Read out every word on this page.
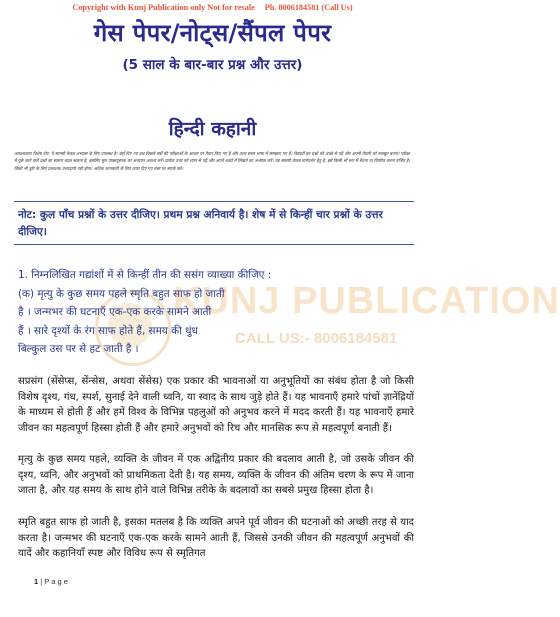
Copyright with Kunj Publication only Not for resale Ph. 8006184581 (Call Us)
गेस पेपर/नोट्स/सैंपल पेपर
(5 साल के बार-बार प्रश्न और उत्तर)
हिन्दी कहानी
आवश्यकता विशेष नोट: ये सामग्री केवल अभ्यास के लिए उपलब्ध है। यहाँ दिए गए प्रश्न पिछले वर्षों की परीक्षाओं के आधार पर तैयार किए गए हैं और उत्तर सरल भाषा में समझाए गए हैं। विद्यार्थी इन प्रश्नों को अच्छे से पढ़ें और अपनी तैयारी को मजबूत बनाएं। परीक्षा में पूछे जाने वाले प्रश्नों का स्वरूप बदल सकता है, इसलिए मूल पाठ्यपुस्तक का अध्ययन अवश्य करें। प्रत्येक उत्तर को ध्यान से पढ़ें और अपने शब्दों में लिखने का अभ्यास करें। यह सामग्री केवल मार्गदर्शन हेतु है, इसे किसी भी रूप में बेचना या वितरित करना वर्जित है। किसी भी त्रुटि के लिए प्रकाशक उत्तरदायी नहीं होगा। अधिक जानकारी के लिए ऊपर दिए गए नंबर पर संपर्क करें।
नोट: कुल पाँच प्रश्नों के उत्तर दीजिए। प्रथम प्रश्न अनिवार्य है। शेष में से किन्हीं चार प्रश्नों के उत्तर दीजिए।
KUNJ PUBLICATION
CALL US:- 8006184581

1. निम्नलिखित गद्यांशों में से किन्हीं तीन की ससंग व्याख्या कीजिए :

(क) मृत्यु के कुछ समय पहले स्मृति बहुत साफ हो जाती

है । जन्मभर की घटनाएँ एक-एक करके सामने आती

हैं । सारे दृश्यों के रंग साफ होते हैं, समय की धुंध

बिल्कुल उस पर से हट जाती है ।

सप्रसंग (सेंसेप्स, सेंन्सेस, अथवा सेंसेस) एक प्रकार की भावनाओं या अनुभूतियों का संबंध होता है जो किसी विशेष दृश्य, गंध, स्पर्श, सुनाई देने वाली ध्वनि, या स्वाद के साथ जुड़े होते हैं। यह भावनाएँ हमारे पांचों ज्ञानेंद्रियों के माध्यम से होती हैं और हमें विश्व के विभिन्न पहलुओं को अनुभव करने में मदद करती हैं। यह भावनाएँ हमारे जीवन का महत्वपूर्ण हिस्सा होती हैं और हमारे अनुभवों को रिच और मानसिक रूप से महत्वपूर्ण बनाती हैं।

मृत्यु के कुछ समय पहले, व्यक्ति के जीवन में एक अद्वितीय प्रकार की बदलाव आती है, जो उसके जीवन की दृश्य, ध्वनि, और अनुभवों को प्राथमिकता देती है। यह समय, व्यक्ति के जीवन की अंतिम चरण के रूप में जाना जाता है, और यह समय के साथ होने वाले विभिन्न तरीके के बदलावों का सबसे प्रमुख हिस्सा होता है।

स्मृति बहुत साफ हो जाती है, इसका मतलब है कि व्यक्ति अपने पूर्व जीवन की घटनाओं को अच्छी तरह से याद करता है। जन्मभर की घटनाएँ एक-एक करके सामने आती हैं, जिससे उनकी जीवन की महत्वपूर्ण अनुभवों की यादें और कहानियाँ स्पष्ट और विविध रूप से स्मृतिगत

1 | P a g e
